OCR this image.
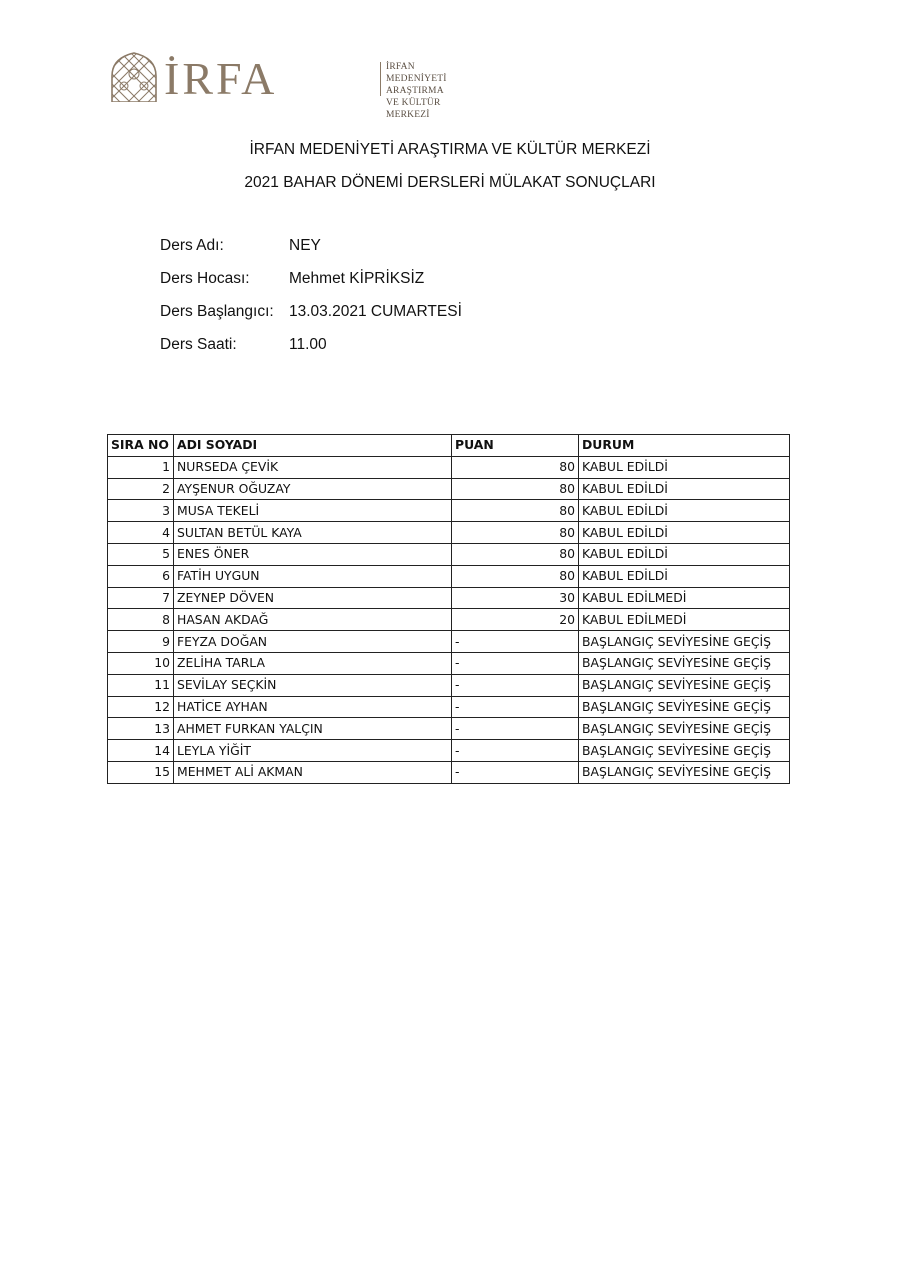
İRFA	İRFAN MEDENİYETİ
ARAŞTIRMA VE KÜLTÜR
MERKEZİ
İRFAN MEDENİYETİ ARAŞTIRMA VE KÜLTÜR MERKEZİ
2021 BAHAR DÖNEMİ DERSLERİ MÜLAKAT SONUÇLARI
Ders Adı:	NEY
Ders Hocası:	Mehmet KİPRİKSİZ
Ders Başlangıcı: 13.03.2021 CUMARTESİ
Ders Saati:	11.00
SIRA NO	ADI SOYADI	PUAN	DURUM
1	NURSEDA ÇEVİK	80	KABUL EDİLDİ
2	AYŞENUR OĞUZAY	80	KABUL EDİLDİ
3	MUSA TEKELİ	80	KABUL EDİLDİ
4	SULTAN BETÜL KAYA	80	KABUL EDİLDİ
5	ENES ÖNER	80	KABUL EDİLDİ
6	FATİH UYGUN	80	KABUL EDİLDİ
7	ZEYNEP DÖVEN	30	KABUL EDİLMEDİ
8	HASAN AKDAĞ	20	KABUL EDİLMEDİ
9	FEYZA DOĞAN	-	BAŞLANGIÇ SEVİYESİNE GEÇİŞ
10	ZELİHA TARLA	-	BAŞLANGIÇ SEVİYESİNE GEÇİŞ
11	SEVİLAY SEÇKİN	-	BAŞLANGIÇ SEVİYESİNE GEÇİŞ
12	HATİCE AYHAN	-	BAŞLANGIÇ SEVİYESİNE GEÇİŞ
13	AHMET FURKAN YALÇIN	-	BAŞLANGIÇ SEVİYESİNE GEÇİŞ
14	LEYLA YİĞİT	-	BAŞLANGIÇ SEVİYESİNE GEÇİŞ
15	MEHMET ALİ AKMAN	-	BAŞLANGIÇ SEVİYESİNE GEÇİŞ
